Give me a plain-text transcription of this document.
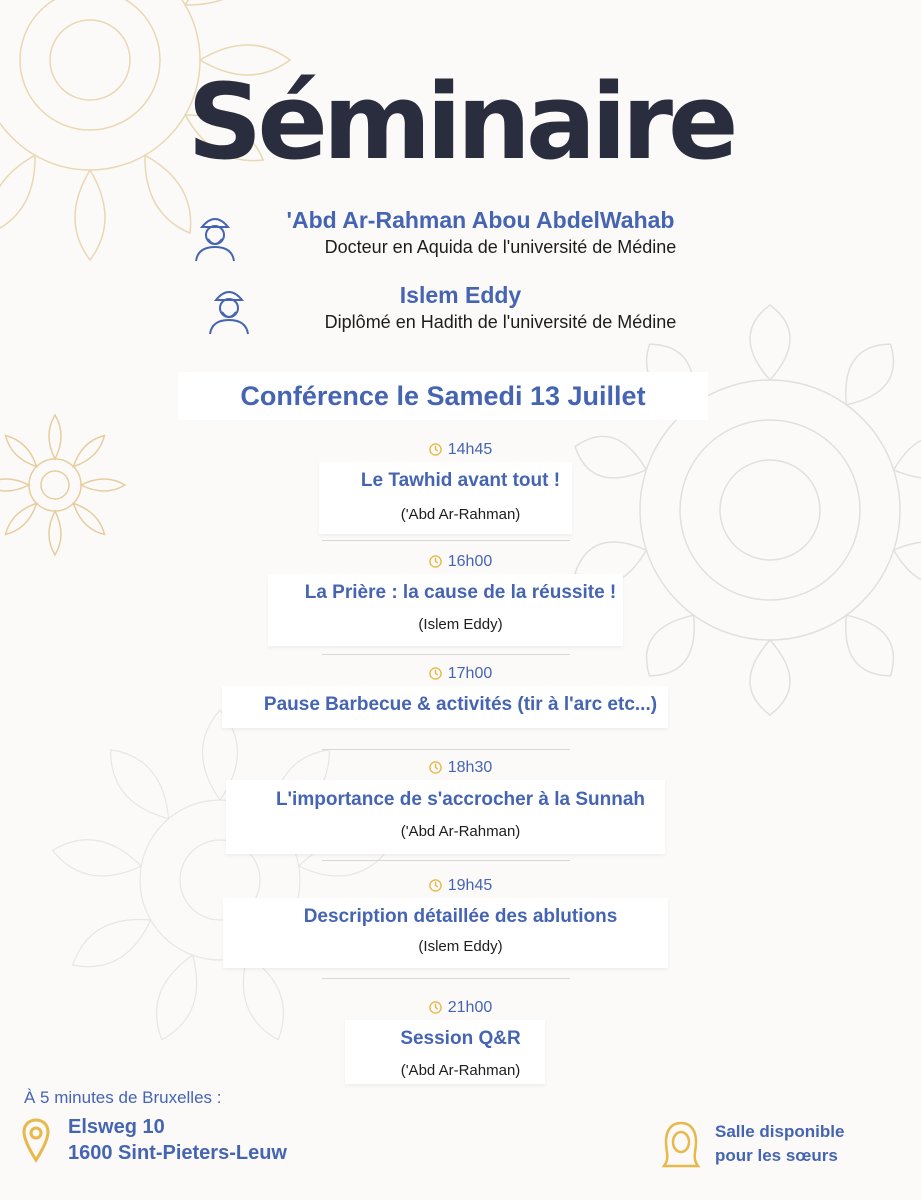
Séminaire
'Abd Ar-Rahman Abou AbdelWahab
Docteur en Aquida de l'université de Médine
Islem Eddy
Diplômé en Hadith de l'université de Médine
Conférence le Samedi 13 Juillet
14h45
Le Tawhid avant tout !
('Abd Ar-Rahman)
16h00
La Prière : la cause de la réussite !
(Islem Eddy)
17h00
Pause Barbecue & activités (tir à l'arc etc...)
18h30
L'importance de s'accrocher à la Sunnah
('Abd Ar-Rahman)
19h45
Description détaillée des ablutions
(Islem Eddy)
21h00
Session Q&R
('Abd Ar-Rahman)
À 5 minutes de Bruxelles :
Elsweg 10
1600 Sint-Pieters-Leuw
Salle disponible
pour les sœurs
